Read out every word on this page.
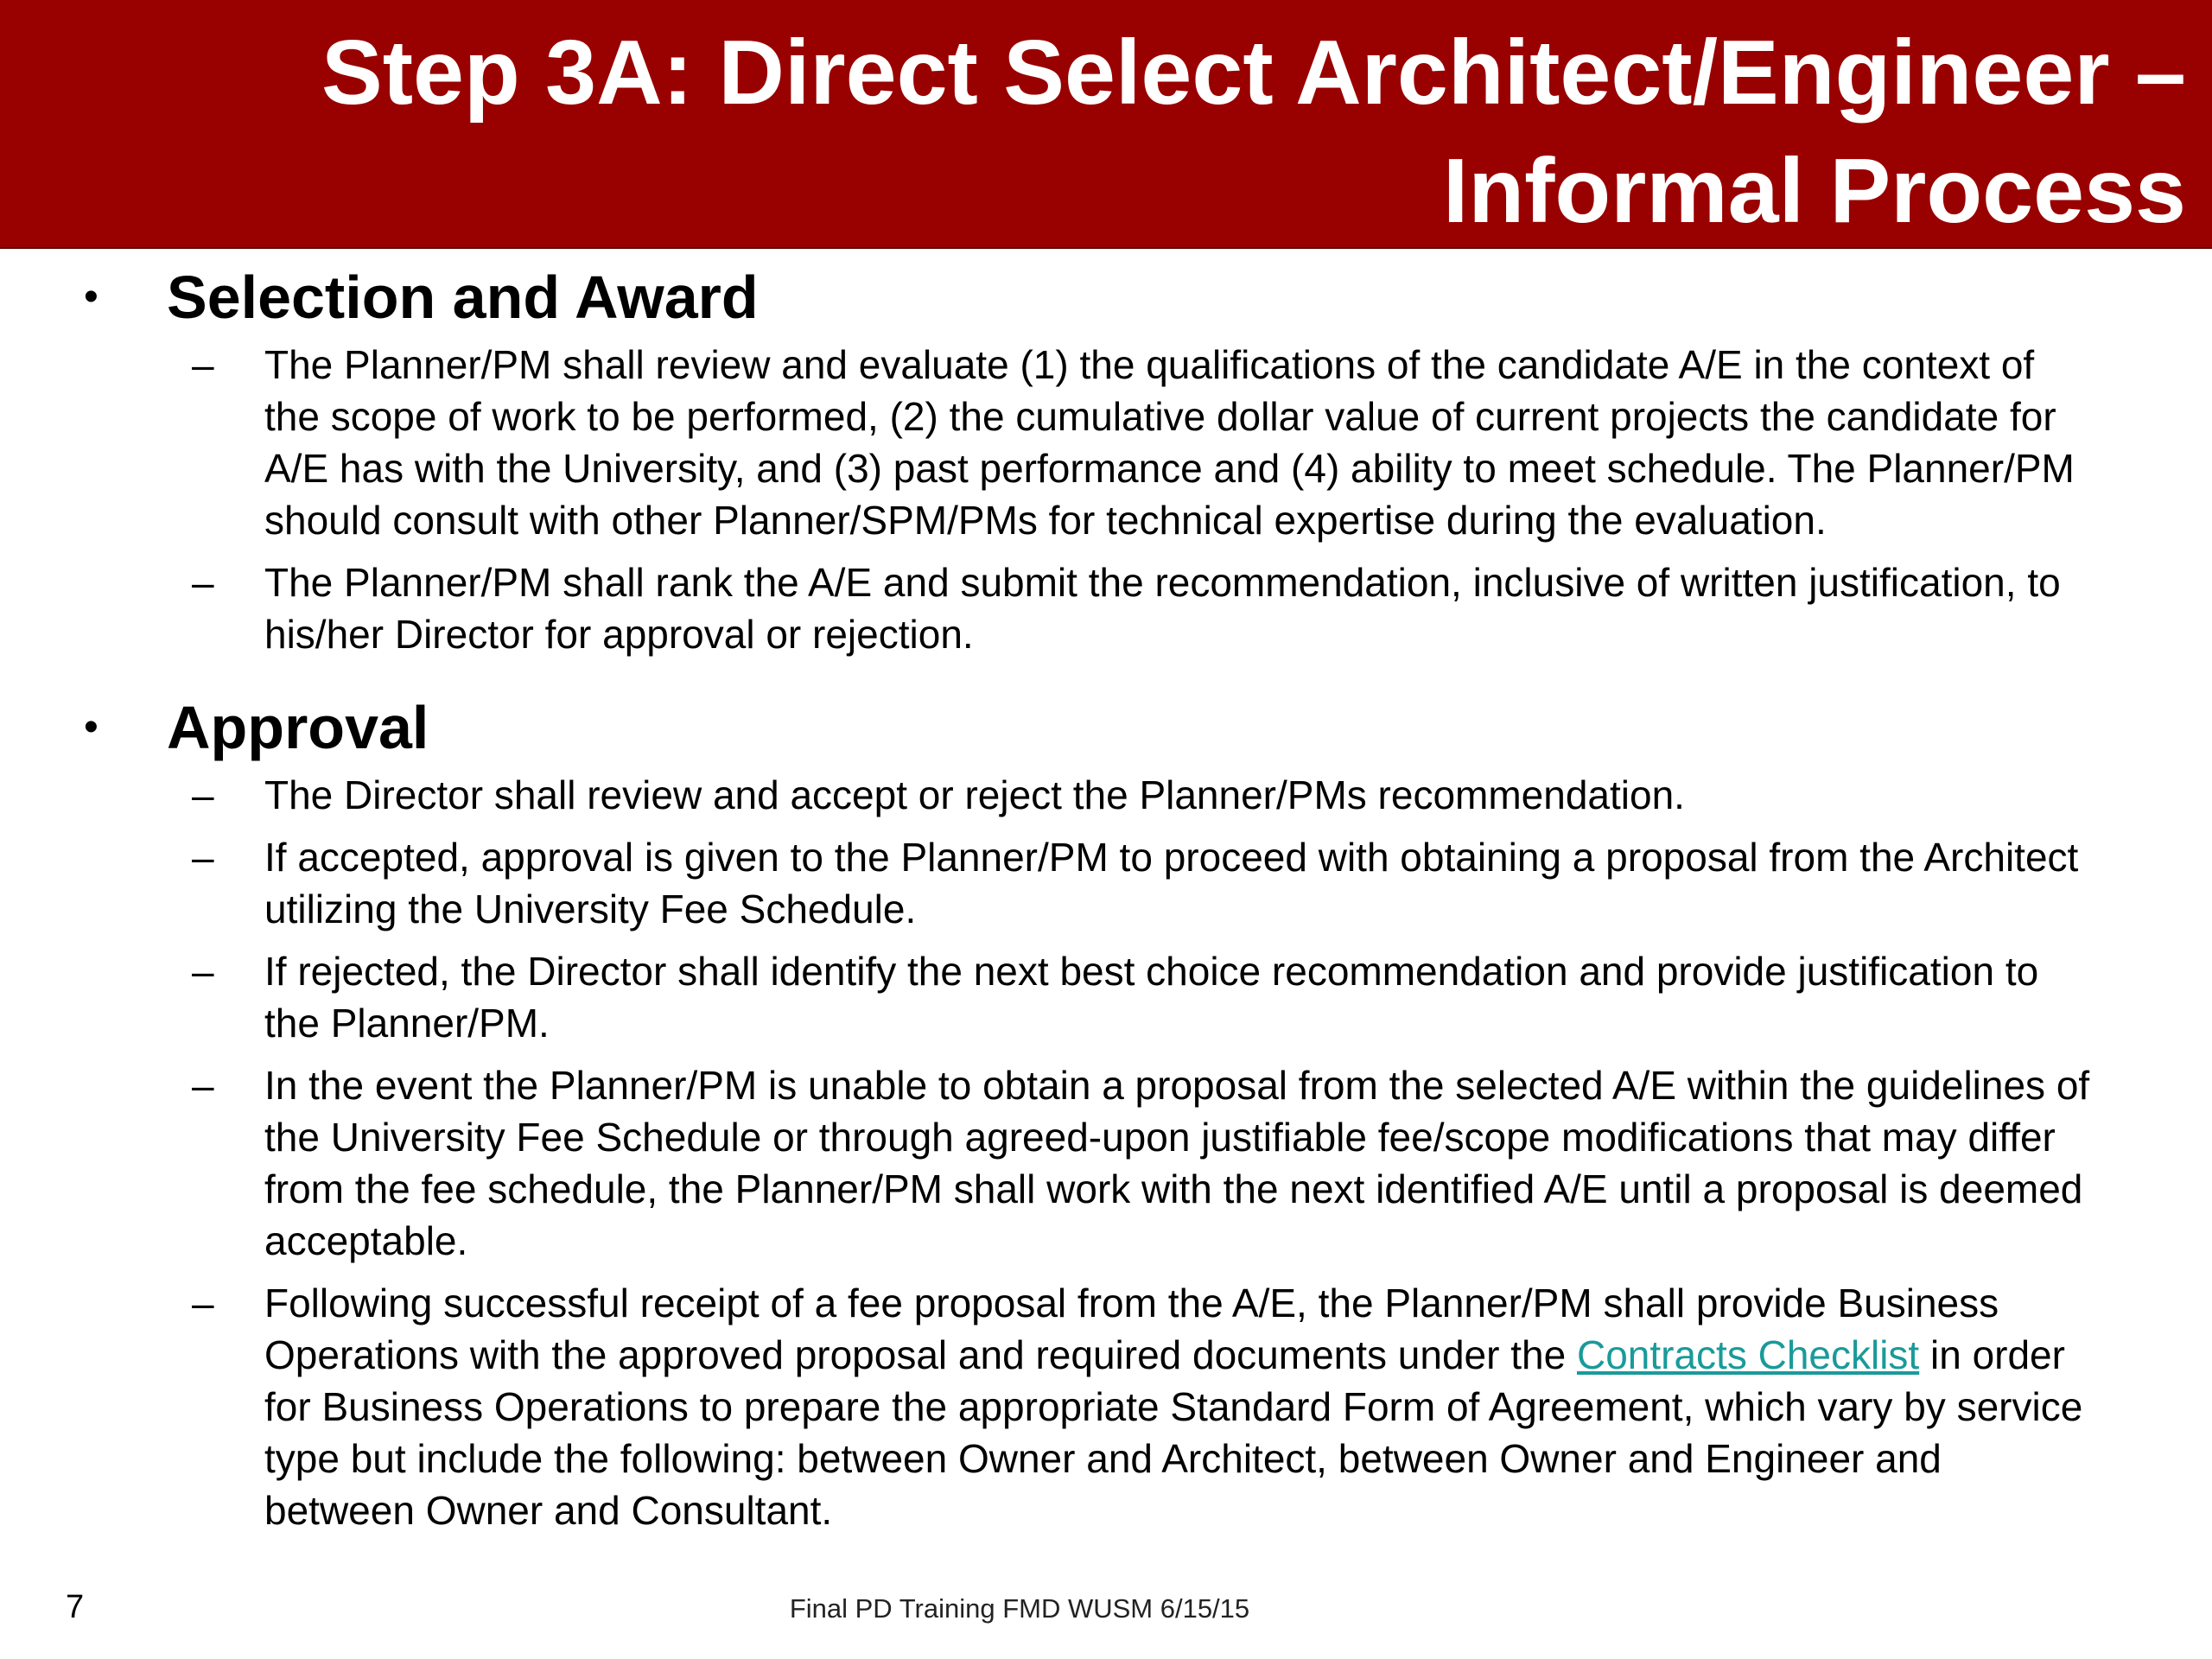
Step 3A: Direct Select Architect/Engineer –
Informal Process
• Selection and Award
– The Planner/PM shall review and evaluate (1) the qualifications of the candidate A/E in the context of the scope of work to be performed, (2) the cumulative dollar value of current projects the candidate for A/E has with the University, and (3) past performance and (4) ability to meet schedule. The Planner/PM should consult with other Planner/SPM/PMs for technical expertise during the evaluation.
– The Planner/PM shall rank the A/E and submit the recommendation, inclusive of written justification, to his/her Director for approval or rejection.
• Approval
– The Director shall review and accept or reject the Planner/PMs recommendation.
– If accepted, approval is given to the Planner/PM to proceed with obtaining a proposal from the Architect utilizing the University Fee Schedule.
– If rejected, the Director shall identify the next best choice recommendation and provide justification to the Planner/PM.
– In the event the Planner/PM is unable to obtain a proposal from the selected A/E within the guidelines of the University Fee Schedule or through agreed-upon justifiable fee/scope modifications that may differ from the fee schedule, the Planner/PM shall work with the next identified A/E until a proposal is deemed acceptable.
– Following successful receipt of a fee proposal from the A/E, the Planner/PM shall provide Business Operations with the approved proposal and required documents under the Contracts Checklist in order for Business Operations to prepare the appropriate Standard Form of Agreement, which vary by service type but include the following: between Owner and Architect, between Owner and Engineer and between Owner and Consultant.
7	Final PD Training FMD WUSM 6/15/15
